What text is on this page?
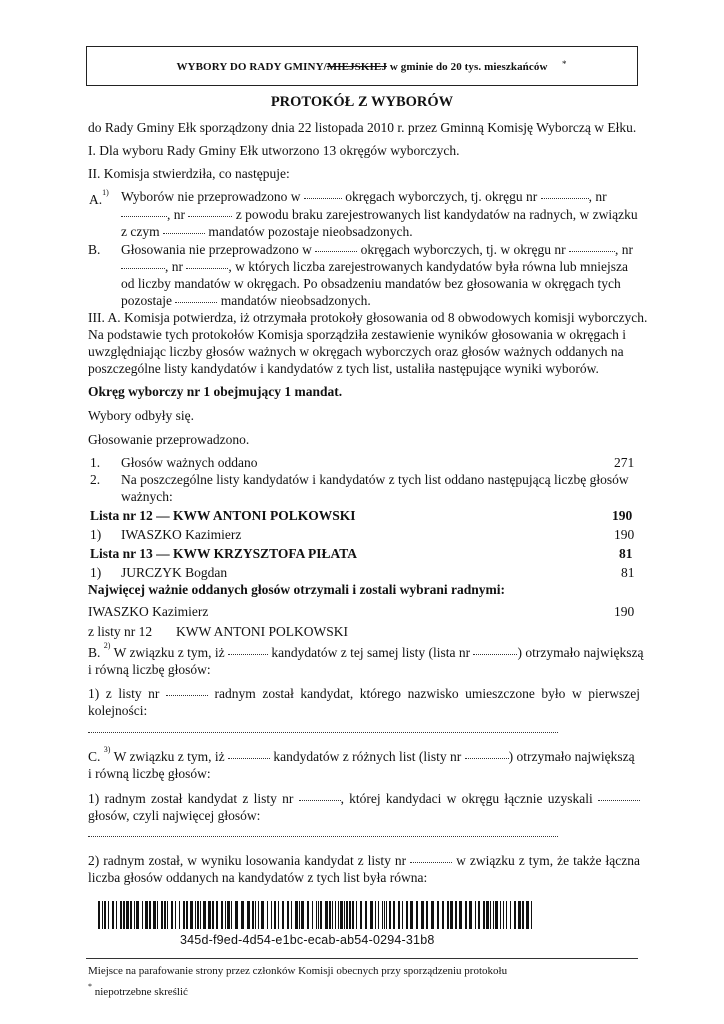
WYBORY DO RADY GMINY/MIEJSKIEJ w gminie do 20 tys. mieszkańców	*
PROTOKÓŁ Z WYBORÓW
do Rady Gminy Ełk sporządzony dnia 22 listopada 2010 r. przez Gminną Komisję Wyborczą w Ełku.
I. Dla wyboru Rady Gminy Ełk utworzono 13 okręgów wyborczych.
II. Komisja stwierdziła, co następuje:
A.$^{1)}$ Wyborów nie przeprowadzono w	okręgach wyborczych, tj. okręgu nr	, nr
, nr	z powodu braku zarejestrowanych list kandydatów na radnych, w związku
z czym	mandatów pozostaje nieobsadzonych.
B. Głosowania nie przeprowadzono w	okręgach wyborczych, tj. w okręgu nr	, nr
, nr	, w których liczba zarejestrowanych kandydatów była równa lub mniejsza
od liczby mandatów w okręgach. Po obsadzeniu mandatów bez głosowania w okręgach tych
pozostaje	mandatów nieobsadzonych.
III. A. Komisja potwierdza, iż otrzymała protokoły głosowania od 8 obwodowych komisji wyborczych.
Na podstawie tych protokołów Komisja sporządziła zestawienie wyników głosowania w okręgach i
uwzględniając liczby głosów ważnych w okręgach wyborczych oraz głosów ważnych oddanych na
poszczególne listy kandydatów i kandydatów z tych list, ustaliła następujące wyniki wyborów.
Okręg wyborczy nr 1 obejmujący 1 mandat.
Wybory odbyły się.
Głosowanie przeprowadzono.
1. Głosów ważnych oddano	271
2. Na poszczególne listy kandydatów i kandydatów z tych list oddano następującą liczbę głosów
ważnych:
Lista nr 12 — KWW ANTONI POLKOWSKI	190
1) IWASZKO Kazimierz	190
Lista nr 13 — KWW KRZYSZTOFA PIŁATA	81
1) JURCZYK Bogdan	81
Najwięcej ważnie oddanych głosów otrzymali i zostali wybrani radnymi:
IWASZKO Kazimierz	190
z listy nr 12 KWW ANTONI POLKOWSKI
B. $^{2)}$ W związku z tym, iż	kandydatów z tej samej listy (lista nr	) otrzymało największą
i równą liczbę głosów:
1) z listy nr	radnym został kandydat, którego nazwisko umieszczone było w pierwszej
kolejności:
C. $^{3)}$ W związku z tym, iż	kandydatów z różnych list (listy nr	) otrzymało największą
i równą liczbę głosów:
1) radnym został kandydat z listy nr	, której kandydaci w okręgu łącznie uzyskali
głosów, czyli najwięcej głosów:
2) radnym został, w wyniku losowania kandydat z listy nr	w związku z tym, że także łączna
liczba głosów oddanych na kandydatów z tych list była równa:
345d-f9ed-4d54-e1bc-ecab-ab54-0294-31b8
Miejsce na parafowanie strony przez członków Komisji obecnych przy sporządzeniu protokołu
* niepotrzebne skreślić
